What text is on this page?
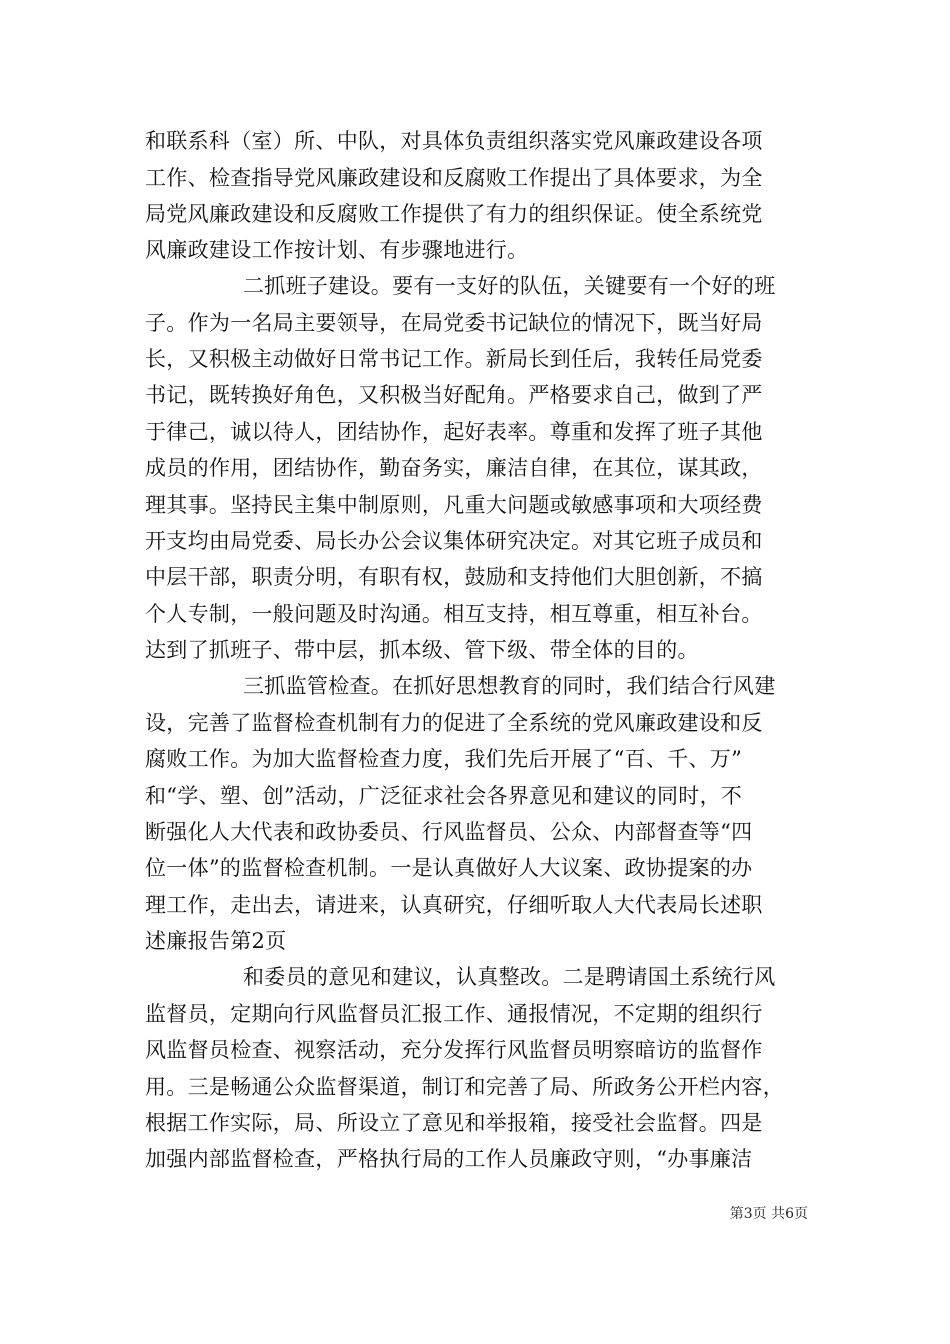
和联系科（室）所、中队，对具体负责组织落实党风廉政建设各项
工作、检查指导党风廉政建设和反腐败工作提出了具体要求，为全
局党风廉政建设和反腐败工作提供了有力的组织保证。使全系统党
风廉政建设工作按计划、有步骤地进行。
二抓班子建设。要有一支好的队伍，关键要有一个好的班
子。作为一名局主要领导，在局党委书记缺位的情况下，既当好局
长，又积极主动做好日常书记工作。新局长到任后，我转任局党委
书记，既转换好角色，又积极当好配角。严格要求自己，做到了严
于律己，诚以待人，团结协作，起好表率。尊重和发挥了班子其他
成员的作用，团结协作，勤奋务实，廉洁自律，在其位，谋其政，
理其事。坚持民主集中制原则，凡重大问题或敏感事项和大项经费
开支均由局党委、局长办公会议集体研究决定。对其它班子成员和
中层干部，职责分明，有职有权，鼓励和支持他们大胆创新，不搞
个人专制，一般问题及时沟通。相互支持，相互尊重，相互补台。
达到了抓班子、带中层，抓本级、管下级、带全体的目的。
三抓监管检查。在抓好思想教育的同时，我们结合行风建
设，完善了监督检查机制有力的促进了全系统的党风廉政建设和反
腐败工作。为加大监督检查力度，我们先后开展了“百、千、万”
和“学、塑、创”活动，广泛征求社会各界意见和建议的同时，不
断强化人大代表和政协委员、行风监督员、公众、内部督查等“四
位一体”的监督检查机制。一是认真做好人大议案、政协提案的办
理工作，走出去，请进来，认真研究，仔细听取人大代表局长述职
述廉报告第2页
和委员的意见和建议，认真整改。二是聘请国土系统行风
监督员，定期向行风监督员汇报工作、通报情况，不定期的组织行
风监督员检查、视察活动，充分发挥行风监督员明察暗访的监督作
用。三是畅通公众监督渠道，制订和完善了局、所政务公开栏内容，
根据工作实际，局、所设立了意见和举报箱，接受社会监督。四是
加强内部监督检查，严格执行局的工作人员廉政守则，“办事廉洁
第3页 共6页
